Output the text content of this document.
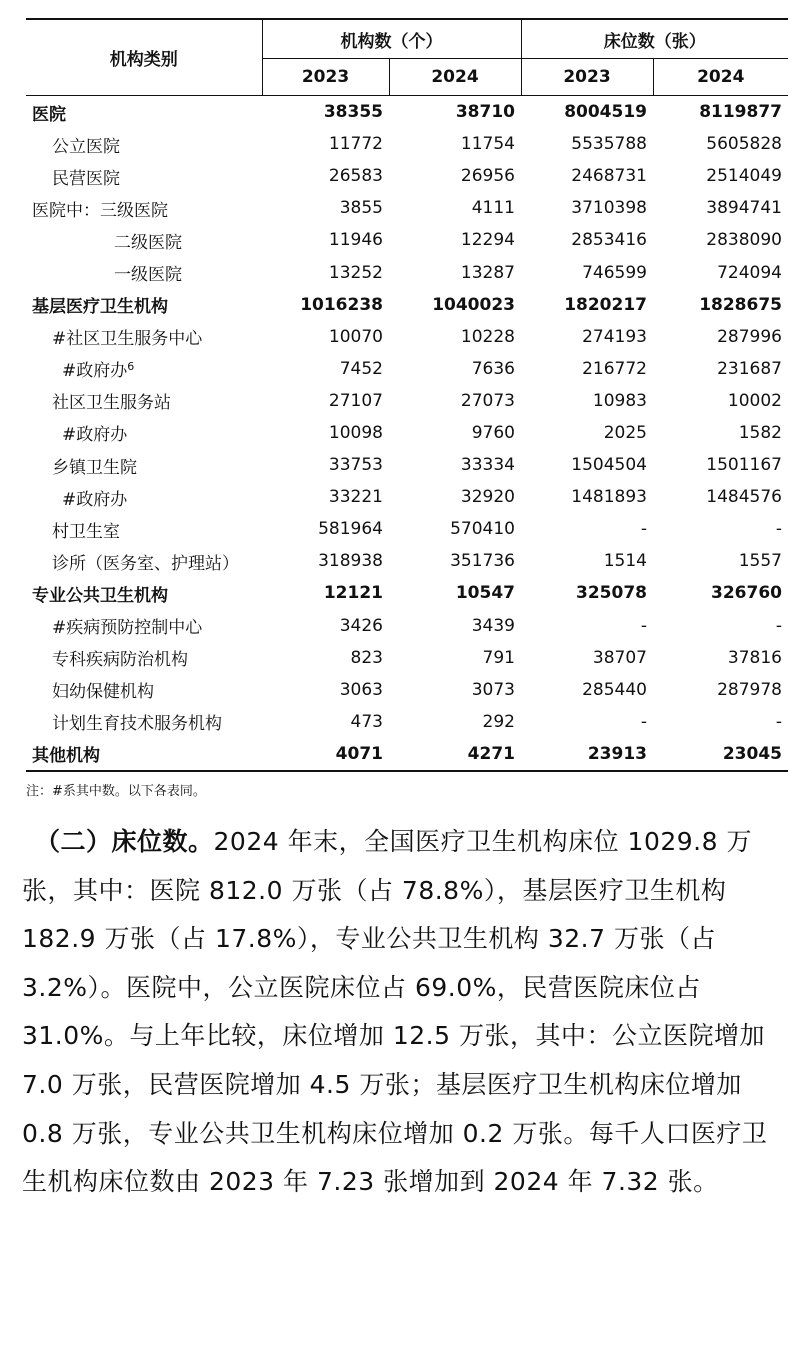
机构类别	机构数（个）		床位数（张）	
	2023	2024	2023	2024
医院	38355	38710	8004519	8119877
公立医院	11772	11754	5535788	5605828
民营医院	26583	26956	2468731	2514049
医院中：三级医院	3855	4111	3710398	3894741
二级医院	11946	12294	2853416	2838090
一级医院	13252	13287	746599	724094
基层医疗卫生机构	1016238	1040023	1820217	1828675
#社区卫生服务中心	10070	10228	274193	287996
#政府办$^6$	7452	7636	216772	231687
社区卫生服务站	27107	27073	10983	10002
#政府办	10098	9760	2025	1582
乡镇卫生院	33753	33334	1504504	1501167
#政府办	33221	32920	1481893	1484576
村卫生室	581964	570410	-	-
诊所（医务室、护理站）	318938	351736	1514	1557
专业公共卫生机构	12121	10547	325078	326760
#疾病预防控制中心	3426	3439	-	-
专科疾病防治机构	823	791	38707	37816
妇幼保健机构	3063	3073	285440	287978
计划生育技术服务机构	473	292	-	-
其他机构	4071	4271	23913	23045
注：#系其中数。以下各表同。

　（二）床位数。2024 年末，全国医疗卫生机构床位 1029.8 万张，其中：医院 812.0 万张（占 78.8%），基层医疗卫生机构 182.9 万张（占 17.8%），专业公共卫生机构 32.7 万张（占 3.2%）。医院中，公立医院床位占 69.0%，民营医院床位占 31.0%。与上年比较，床位增加 12.5 万张，其中：公立医院增加 7.0 万张，民营医院增加 4.5 万张；基层医疗卫生机构床位增加 0.8 万张，专业公共卫生机构床位增加 0.2 万张。每千人口医疗卫生机构床位数由 2023 年 7.23 张增加到 2024 年 7.32 张。
